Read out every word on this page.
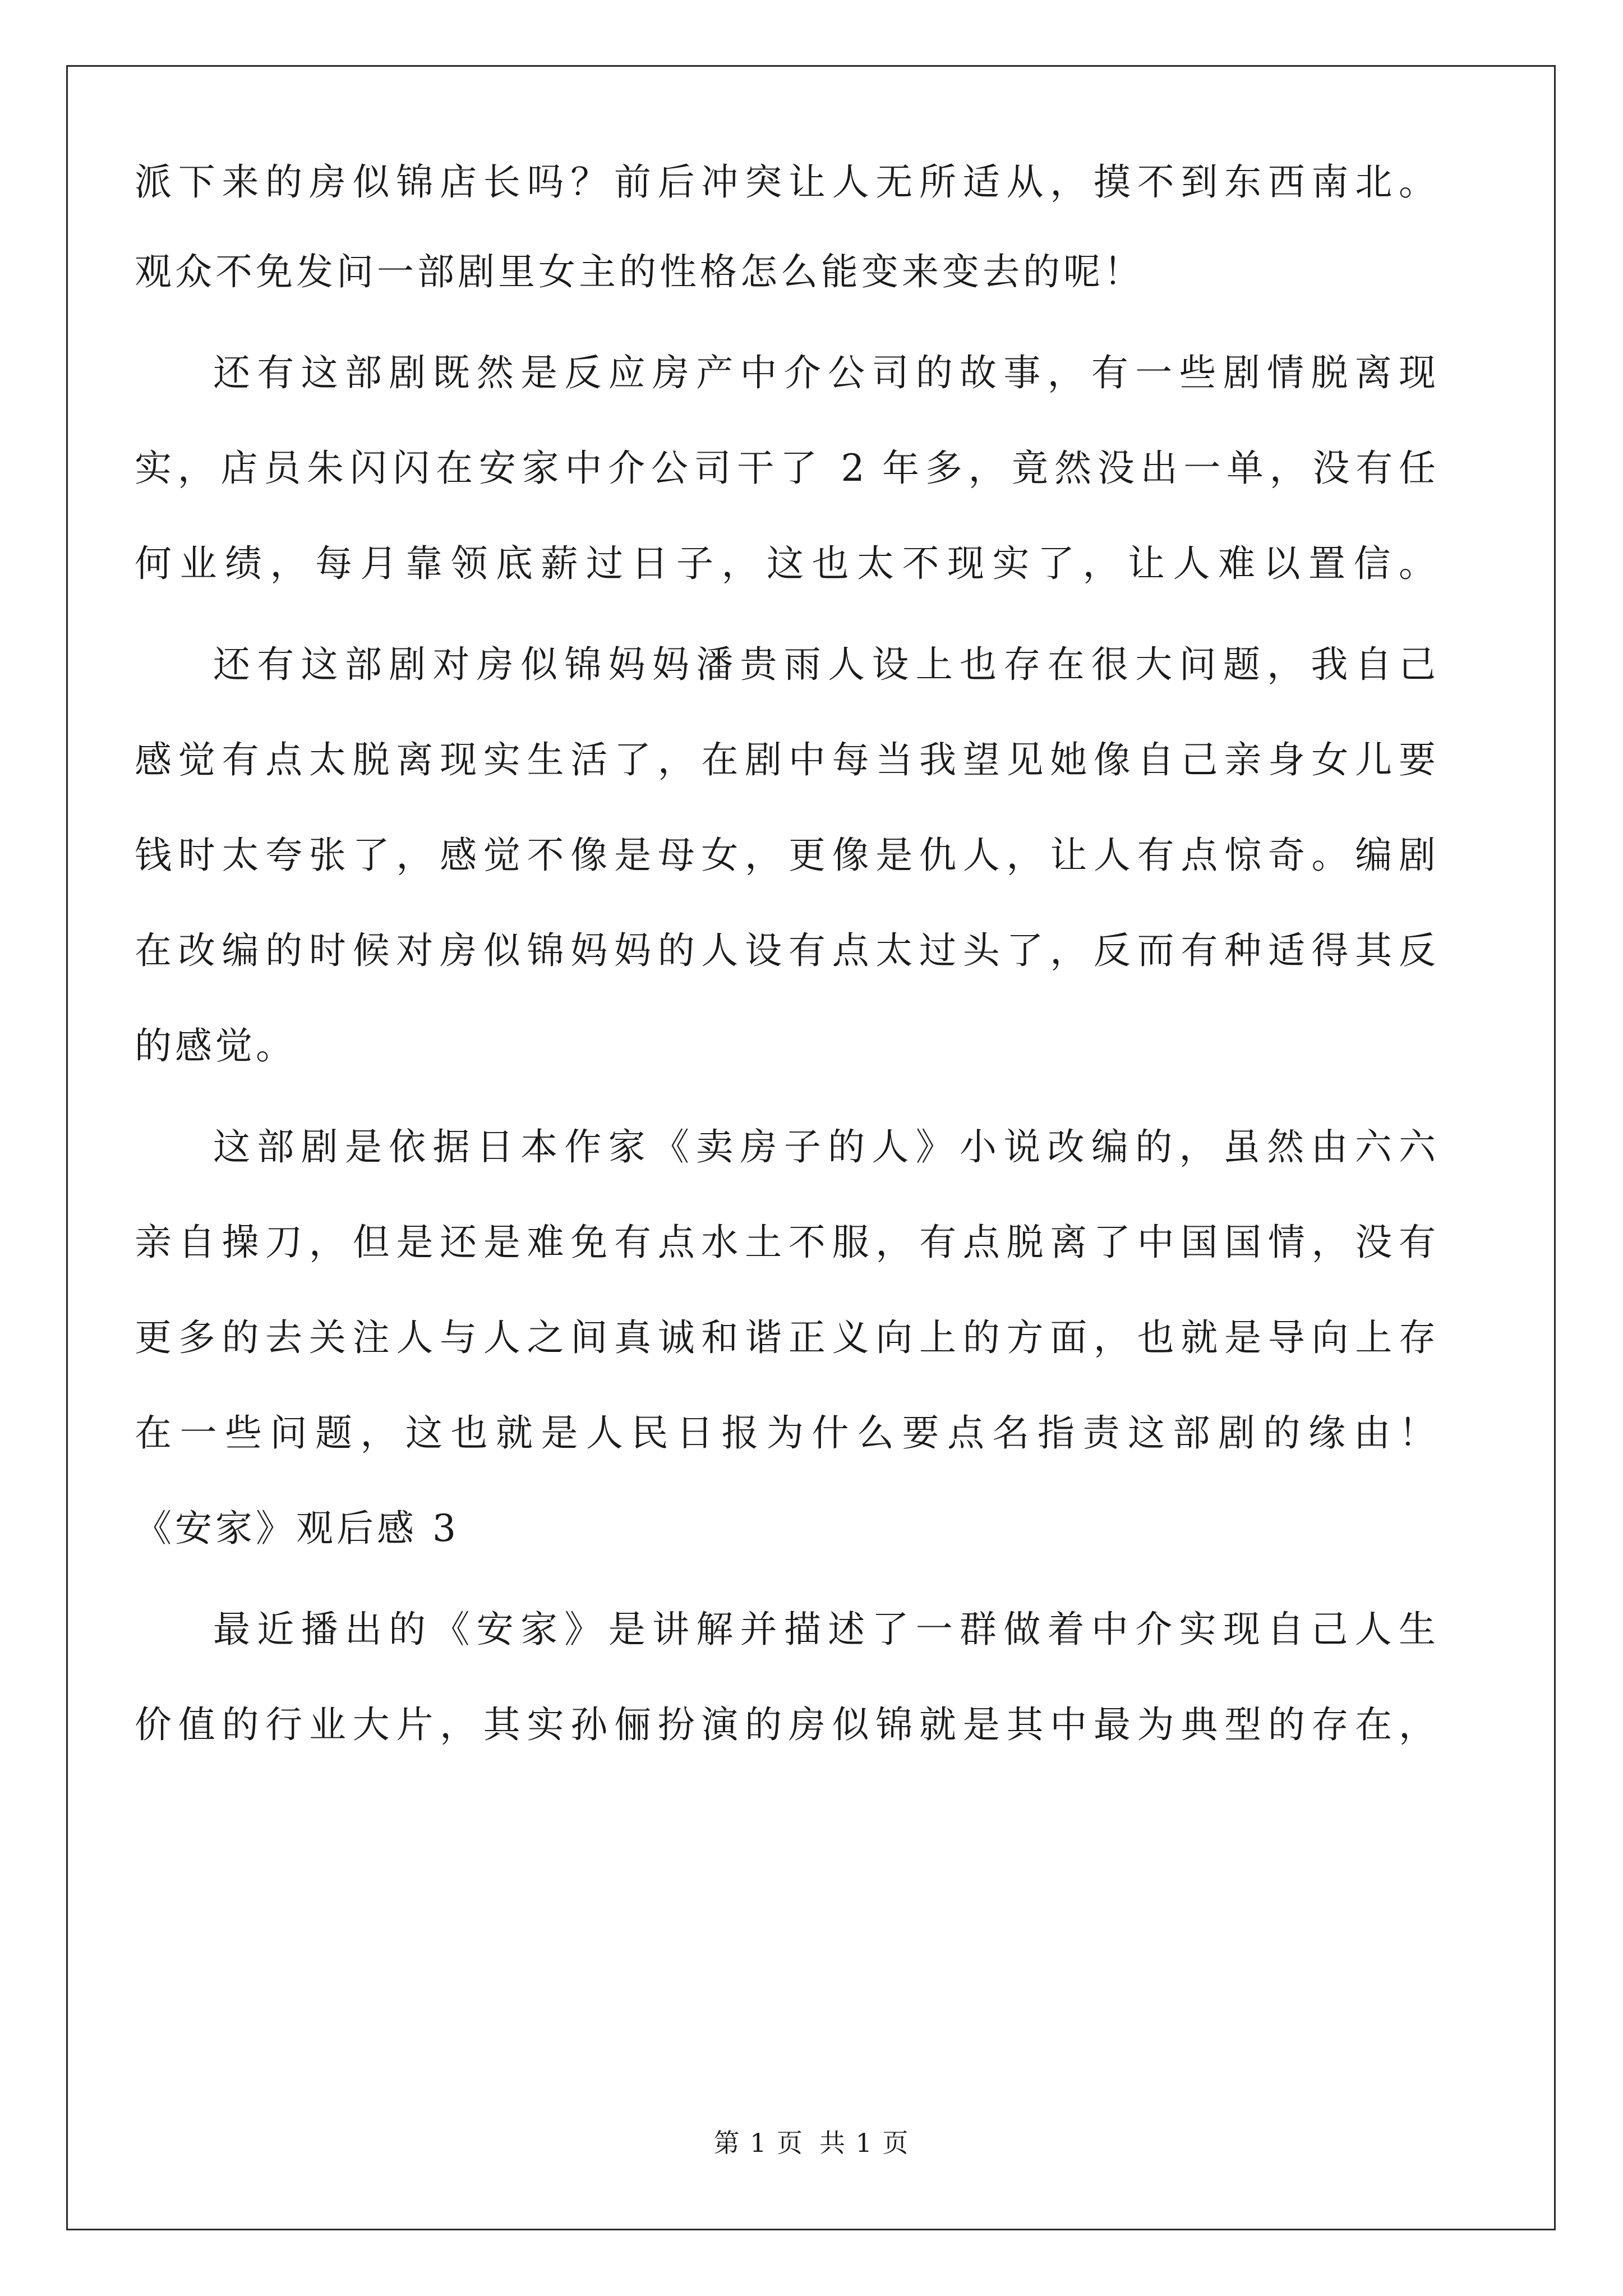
派下来的房似锦店长吗？前后冲突让人无所适从，摸不到东西南北。
观众不免发问一部剧里女主的性格怎么能变来变去的呢！
还有这部剧既然是反应房产中介公司的故事，有一些剧情脱离现
实，店员朱闪闪在安家中介公司干了 2 年多，竟然没出一单，没有任
何业绩，每月靠领底薪过日子，这也太不现实了，让人难以置信。
还有这部剧对房似锦妈妈潘贵雨人设上也存在很大问题，我自己
感觉有点太脱离现实生活了，在剧中每当我望见她像自己亲身女儿要
钱时太夸张了，感觉不像是母女，更像是仇人，让人有点惊奇。编剧
在改编的时候对房似锦妈妈的人设有点太过头了，反而有种适得其反
的感觉。
这部剧是依据日本作家《卖房子的人》小说改编的，虽然由六六
亲自操刀，但是还是难免有点水土不服，有点脱离了中国国情，没有
更多的去关注人与人之间真诚和谐正义向上的方面，也就是导向上存
在一些问题，这也就是人民日报为什么要点名指责这部剧的缘由！
《安家》观后感 3
最近播出的《安家》是讲解并描述了一群做着中介实现自己人生
价值的行业大片，其实孙俪扮演的房似锦就是其中最为典型的存在，
第 1 页 共 1 页
